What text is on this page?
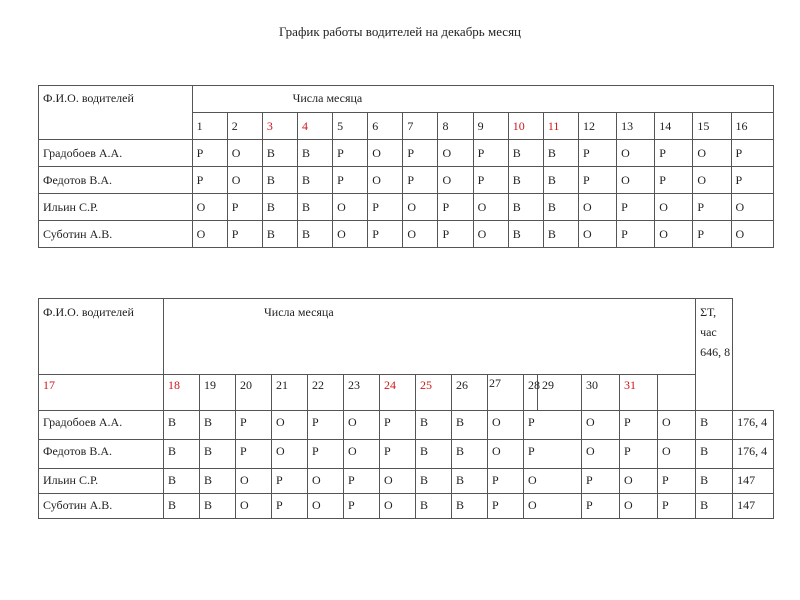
График работы водителей на декабрь месяц
Ф.И.О. водителей	Числа месяца															
	1	2	3	4	5	6	7	8	9	10	11	12	13	14	15	16
Градобоев А.А.	Р	О	В	В	Р	О	Р	О	Р	В	В	Р	О	Р	О	Р
Федотов В.А.	Р	О	В	В	Р	О	Р	О	Р	В	В	Р	О	Р	О	Р
Ильин С.Р.	О	Р	В	В	О	Р	О	Р	О	В	В	О	Р	О	Р	О
Суботин А.В.	О	Р	В	В	О	Р	О	Р	О	В	В	О	Р	О	Р	О
Ф.И.О. водителей	Числа месяца															ΣТ, час 646, 8	
17	18	19	20	21	22	23	24	25	26	27	28	29	30	31			
Градобоев А.А.	В	В	Р	О	Р	О	Р	В	В	О	Р		О	Р	О	В	176, 4
Федотов В.А.	В	В	Р	О	Р	О	Р	В	В	О	Р		О	Р	О	В	176, 4
Ильин С.Р.	В	В	О	Р	О	Р	О	В	В	Р	О		Р	О	Р	В	147
Суботин А.В.	В	В	О	Р	О	Р	О	В	В	Р	О		Р	О	Р	В	147
